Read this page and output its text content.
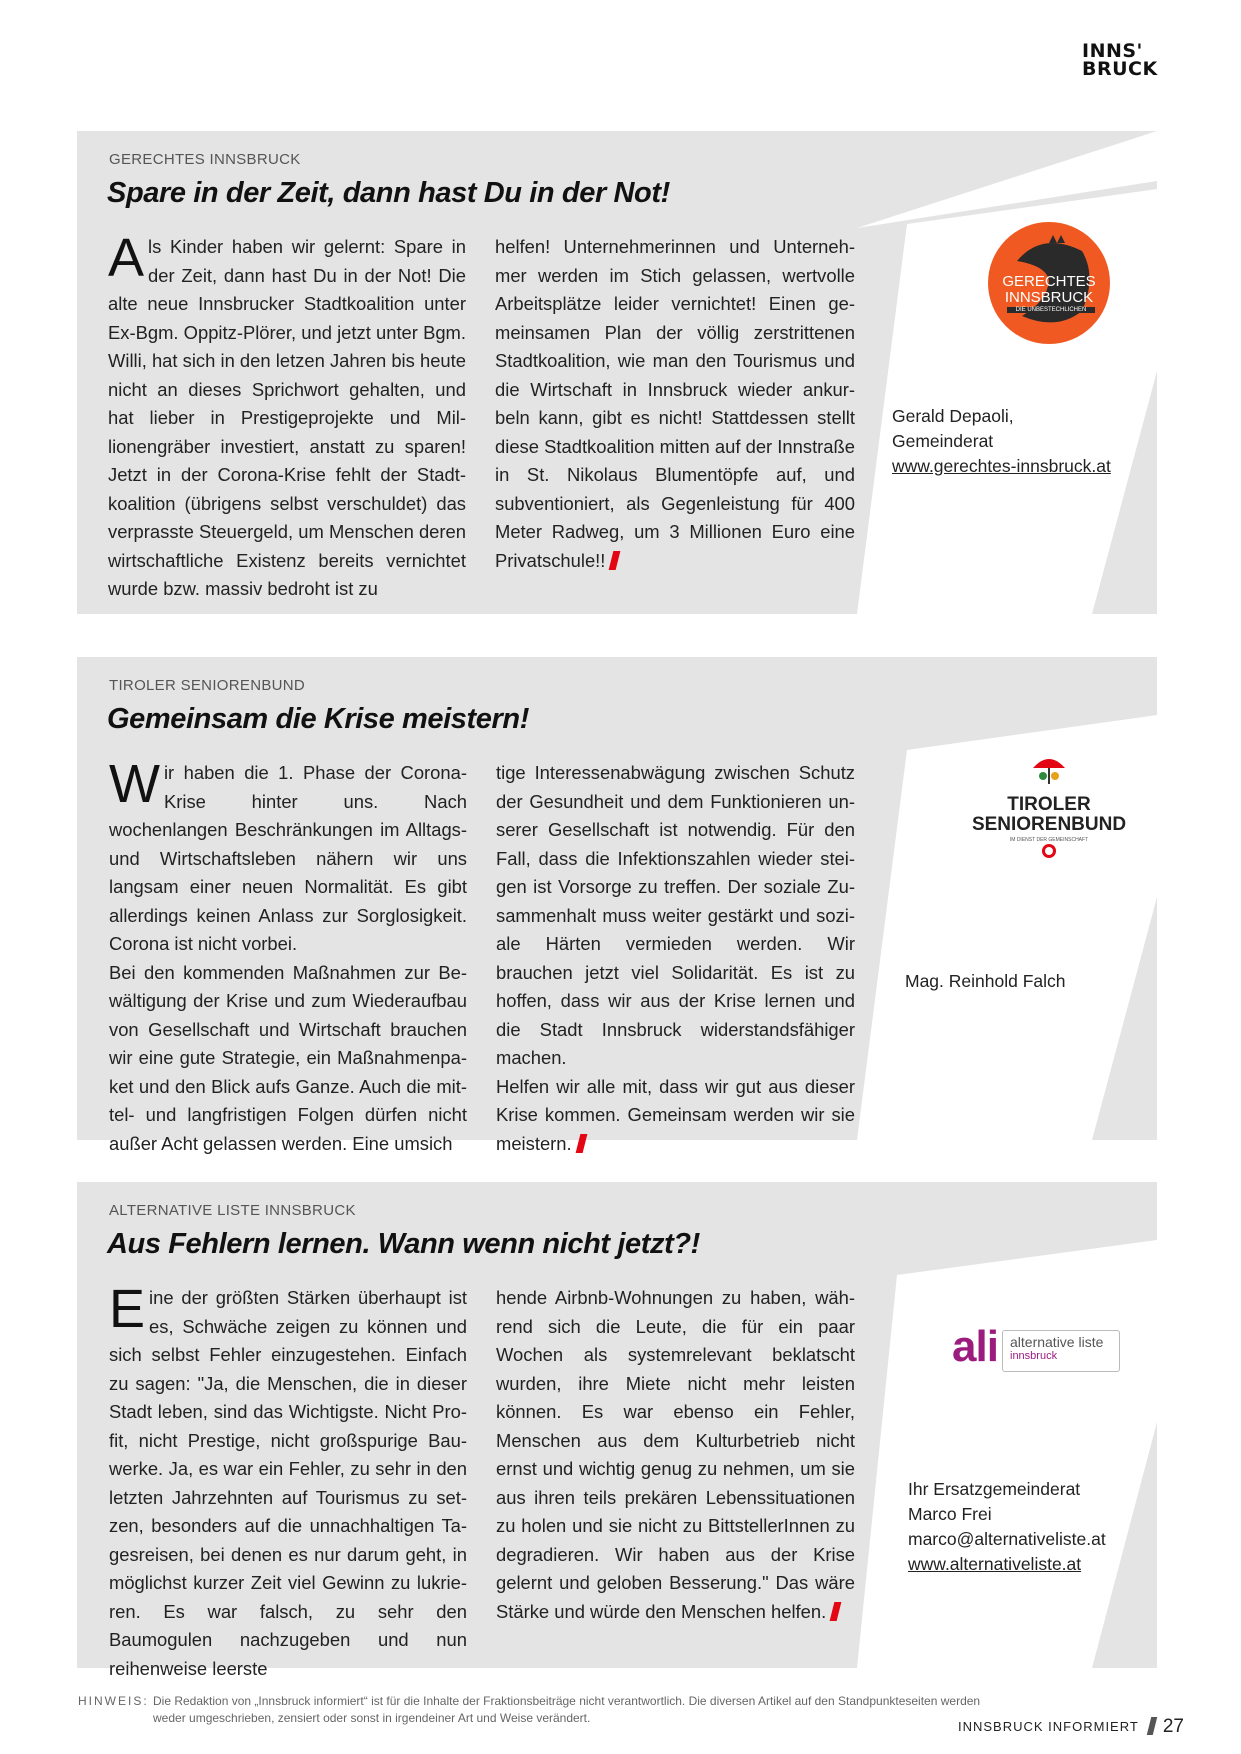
INNS'
BRUCK
GERECHTES INNSBRUCK
Spare in der Zeit, dann hast Du in der Not!

Als Kinder haben wir gelernt: Spare in der Zeit, dann hast Du in der Not! Die alte neue Innsbrucker Stadtkoalition unter Ex-Bgm. Oppitz-Plörer, und jetzt unter Bgm. Willi, hat sich in den letzen Jahren bis heute nicht an dieses Sprichwort gehalten, und hat lieber in Prestigeprojekte und Millionengräber investiert, anstatt zu sparen! Jetzt in der Corona-Krise fehlt der Stadtkoalition (übrigens selbst verschuldet) das verprasste Steuergeld, um Menschen deren wirtschaftliche Existenz bereits vernichtet wurde bzw. massiv bedroht ist zu

helfen! Unternehmerinnen und Unternehmer werden im Stich gelassen, wertvolle Arbeitsplätze leider vernichtet! Einen gemeinsamen Plan der völlig zerstrittenen Stadtkoalition, wie man den Tourismus und die Wirtschaft in Innsbruck wieder ankurbeln kann, gibt es nicht! Stattdessen stellt diese Stadtkoalition mitten auf der Innstraße in St. Nikolaus Blumentöpfe auf, und subventioniert, als Gegenleistung für 400 Meter Radweg, um 3 Millionen Euro eine Privatschule!!

GERECHTES
INNSBRUCK
DIE UNBESTECHLICHEN
Gerald Depaoli,
Gemeinderat
www.gerechtes-innsbruck.at
TIROLER SENIORENBUND
Gemeinsam die Krise meistern!

Wir haben die 1. Phase der Corona-Krise hinter uns. Nach wochenlangen Beschränkungen im Alltags- und Wirtschaftsleben nähern wir uns langsam einer neuen Normalität. Es gibt allerdings keinen Anlass zur Sorglosigkeit. Corona ist nicht vorbei.

Bei den kommenden Maßnahmen zur Bewältigung der Krise und zum Wiederaufbau von Gesellschaft und Wirtschaft brauchen wir eine gute Strategie, ein Maßnahmenpaket und den Blick aufs Ganze. Auch die mittel- und langfristigen Folgen dürfen nicht außer Acht gelassen werden. Eine umsich

tige Interessenabwägung zwischen Schutz der Gesundheit und dem Funktionieren unserer Gesellschaft ist notwendig. Für den Fall, dass die Infektionszahlen wieder steigen ist Vorsorge zu treffen. Der soziale Zusammenhalt muss weiter gestärkt und soziale Härten vermieden werden. Wir brauchen jetzt viel Solidarität. Es ist zu hoffen, dass wir aus der Krise lernen und die Stadt Innsbruck widerstandsfähiger machen.

Helfen wir alle mit, dass wir gut aus dieser Krise kommen. Gemeinsam werden wir sie meistern.

TIROLER
SENIORENBUND
IM DIENST DER GEMEINSCHAFT
Mag. Reinhold Falch
ALTERNATIVE LISTE INNSBRUCK
Aus Fehlern lernen. Wann wenn nicht jetzt?!

Eine der größten Stärken überhaupt ist es, Schwäche zeigen zu können und sich selbst Fehler einzugestehen. Einfach zu sagen: "Ja, die Menschen, die in dieser Stadt leben, sind das Wichtigste. Nicht Profit, nicht Prestige, nicht großspurige Bauwerke. Ja, es war ein Fehler, zu sehr in den letzten Jahrzehnten auf Tourismus zu setzen, besonders auf die unnachhaltigen Tagesreisen, bei denen es nur darum geht, in möglichst kurzer Zeit viel Gewinn zu lukrieren. Es war falsch, zu sehr den Baumogulen nachzugeben und nun reihenweise leerste

hende Airbnb-Wohnungen zu haben, während sich die Leute, die für ein paar Wochen als systemrelevant beklatscht wurden, ihre Miete nicht mehr leisten können. Es war ebenso ein Fehler, Menschen aus dem Kulturbetrieb nicht ernst und wichtig genug zu nehmen, um sie aus ihren teils prekären Lebenssituationen zu holen und sie nicht zu BittstellerInnen zu degradieren. Wir haben aus der Krise gelernt und geloben Besserung." Das wäre Stärke und würde den Menschen helfen.

ali alternative liste
innsbruck
Ihr Ersatzgemeinderat
Marco Frei
marco@alternativeliste.at
www.alternativeliste.at
HINWEIS: Die Redaktion von „Innsbruck informiert“ ist für die Inhalte der Fraktionsbeiträge nicht verantwortlich. Die diversen Artikel auf den Standpunkteseiten werden weder umgeschrieben, zensiert oder sonst in irgendeiner Art und Weise verändert.
INNSBRUCK INFORMIERT 27
